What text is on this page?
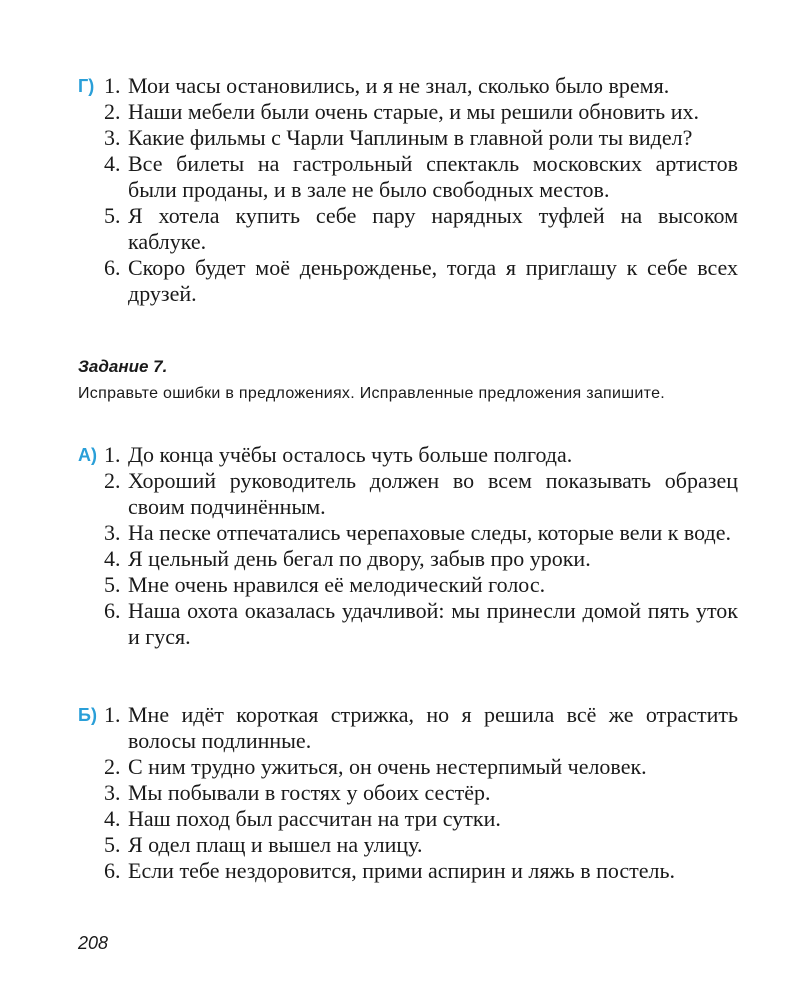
Г) 1. Мои часы остановились, и я не знал, сколько было время.
2. Наши мебели были очень старые, и мы решили обновить их.
3. Какие фильмы с Чарли Чаплиным в главной роли ты видел?
4. Все билеты на гастрольный спектакль московских артистов были проданы, и в зале не было свободных местов.
5. Я хотела купить себе пару нарядных туфлей на высоком каблуке.
6. Скоро будет моё деньрожденье, тогда я приглашу к себе всех друзей.
Задание 7.
Исправьте ошибки в предложениях. Исправленные предложения запишите.
А) 1. До конца учёбы осталось чуть больше полгода.
2. Хороший руководитель должен во всем показывать образец своим подчинённым.
3. На песке отпечатались черепаховые следы, которые вели к воде.
4. Я цельный день бегал по двору, забыв про уроки.
5. Мне очень нравился её мелодический голос.
6. Наша охота оказалась удачливой: мы принесли домой пять уток и гуся.
Б) 1. Мне идёт короткая стрижка, но я решила всё же отрастить волосы подлинные.
2. С ним трудно ужиться, он очень нестерпимый человек.
3. Мы побывали в гостях у обоих сестёр.
4. Наш поход был рассчитан на три сутки.
5. Я одел плащ и вышел на улицу.
6. Если тебе нездоровится, прими аспирин и ляжь в постель.
208
